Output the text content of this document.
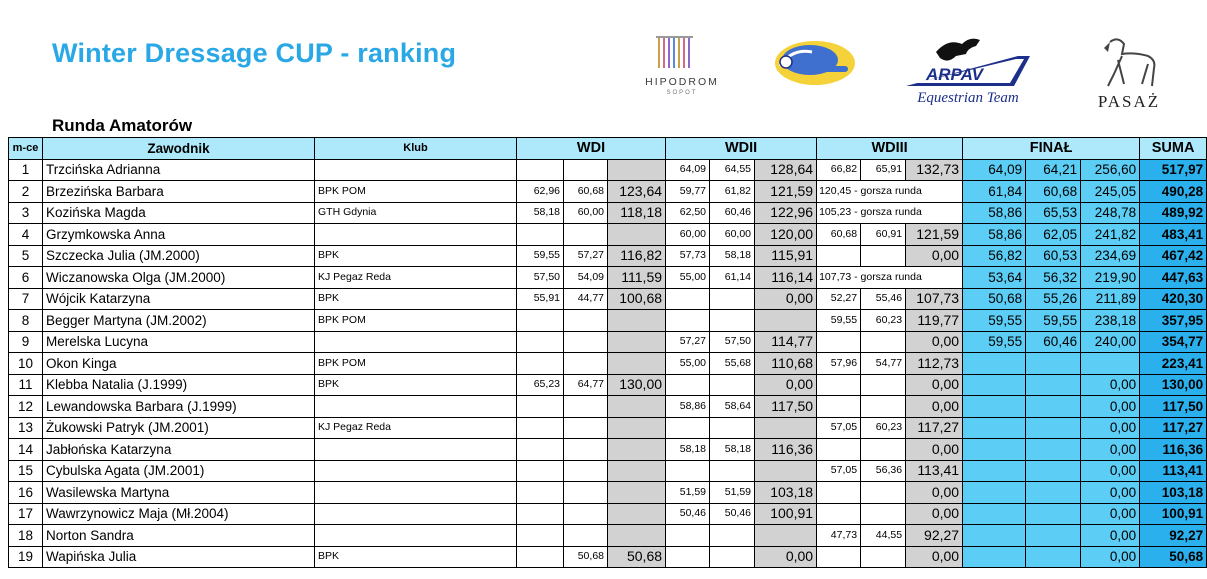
Winter Dressage CUP - ranking
HIPODROM
SOPOT
ARPAV
Equestrian Team	PASAŻ
Runda Amatorów
m-ce	Zawodnik	Klub	WDI			WDII			WDIII			FINAŁ			SUMA
1	Trzcińska Adrianna					64,09	64,55	128,64	66,82	65,91	132,73	64,09	64,21	256,60	517,97
2	Brzezińska Barbara	BPK POM	62,96	60,68	123,64	59,77	61,82	121,59	120,45 - gorsza runda			61,84	60,68	245,05	490,28
3	Kozińska Magda	GTH Gdynia	58,18	60,00	118,18	62,50	60,46	122,96	105,23 - gorsza runda			58,86	65,53	248,78	489,92
4	Grzymkowska Anna					60,00	60,00	120,00	60,68	60,91	121,59	58,86	62,05	241,82	483,41
5	Szczecka Julia (JM.2000)	BPK	59,55	57,27	116,82	57,73	58,18	115,91			0,00	56,82	60,53	234,69	467,42
6	Wiczanowska Olga (JM.2000)	KJ Pegaz Reda	57,50	54,09	111,59	55,00	61,14	116,14	107,73 - gorsza runda			53,64	56,32	219,90	447,63
7	Wójcik Katarzyna	BPK	55,91	44,77	100,68			0,00	52,27	55,46	107,73	50,68	55,26	211,89	420,30
8	Begger Martyna (JM.2002)	BPK POM							59,55	60,23	119,77	59,55	59,55	238,18	357,95
9	Merelska Lucyna					57,27	57,50	114,77			0,00	59,55	60,46	240,00	354,77
10	Okon Kinga	BPK POM				55,00	55,68	110,68	57,96	54,77	112,73				223,41
11	Klebba Natalia (J.1999)	BPK	65,23	64,77	130,00			0,00			0,00			0,00	130,00
12	Lewandowska Barbara (J.1999)					58,86	58,64	117,50			0,00			0,00	117,50
13	Żukowski Patryk (JM.2001)	KJ Pegaz Reda							57,05	60,23	117,27			0,00	117,27
14	Jabłońska Katarzyna					58,18	58,18	116,36			0,00			0,00	116,36
15	Cybulska Agata (JM.2001)								57,05	56,36	113,41			0,00	113,41
16	Wasilewska Martyna					51,59	51,59	103,18			0,00			0,00	103,18
17	Wawrzynowicz Maja (Mł.2004)					50,46	50,46	100,91			0,00			0,00	100,91
18	Norton Sandra								47,73	44,55	92,27			0,00	92,27
19	Wapińska Julia	BPK		50,68	50,68			0,00			0,00			0,00	50,68
